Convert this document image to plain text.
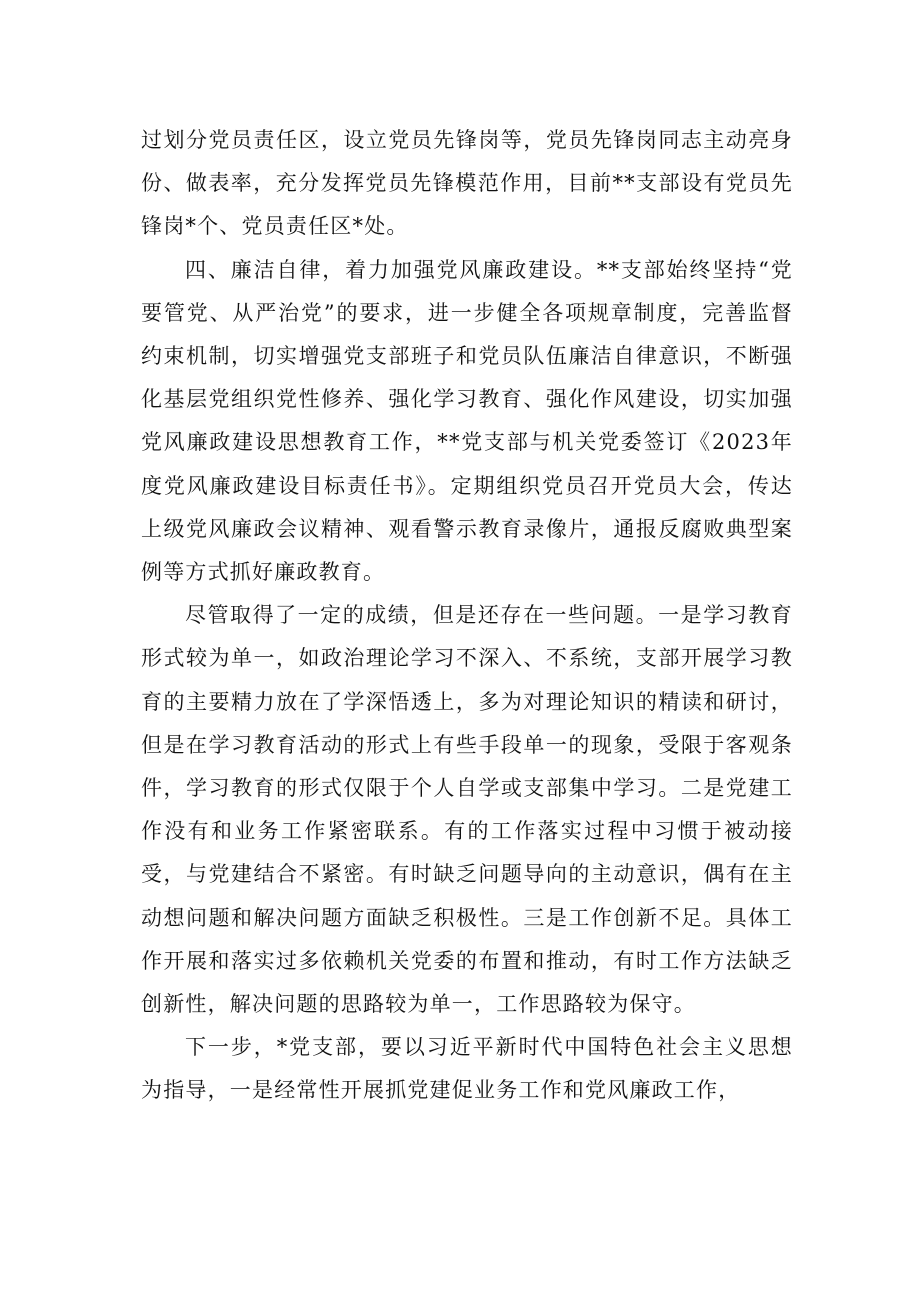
过划分党员责任区，设立党员先锋岗等，党员先锋岗同志主动亮身份、做表率，充分发挥党员先锋模范作用，目前**支部设有党员先锋岗*个、党员责任区*处。

四、廉洁自律，着力加强党风廉政建设。**支部始终坚持“党要管党、从严治党”的要求，进一步健全各项规章制度，完善监督约束机制，切实增强党支部班子和党员队伍廉洁自律意识，不断强化基层党组织党性修养、强化学习教育、强化作风建设，切实加强党风廉政建设思想教育工作，**党支部与机关党委签订《2023年度党风廉政建设目标责任书》。定期组织党员召开党员大会，传达上级党风廉政会议精神、观看警示教育录像片，通报反腐败典型案例等方式抓好廉政教育。

尽管取得了一定的成绩，但是还存在一些问题。一是学习教育形式较为单一，如政治理论学习不深入、不系统，支部开展学习教育的主要精力放在了学深悟透上，多为对理论知识的精读和研讨，但是在学习教育活动的形式上有些手段单一的现象，受限于客观条件，学习教育的形式仅限于个人自学或支部集中学习。二是党建工作没有和业务工作紧密联系。有的工作落实过程中习惯于被动接受，与党建结合不紧密。有时缺乏问题导向的主动意识，偶有在主动想问题和解决问题方面缺乏积极性。三是工作创新不足。具体工作开展和落实过多依赖机关党委的布置和推动，有时工作方法缺乏创新性，解决问题的思路较为单一，工作思路较为保守。

下一步，*党支部，要以习近平新时代中国特色社会主义思想为指导，一是经常性开展抓党建促业务工作和党风廉政工作，
